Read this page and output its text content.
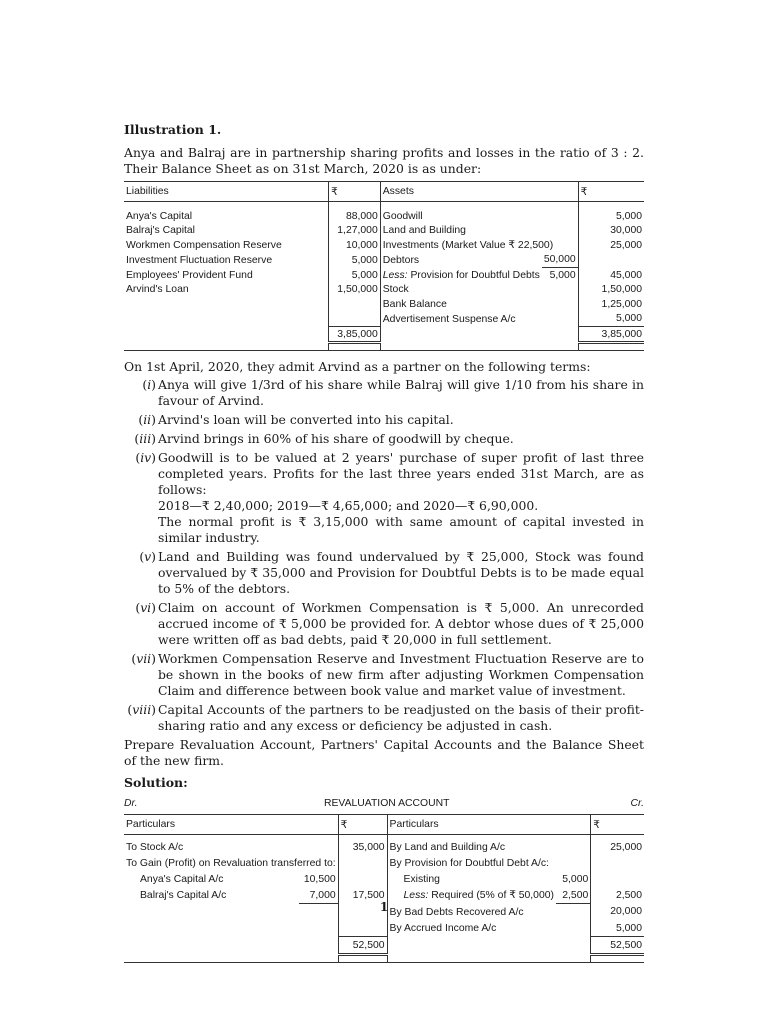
Illustration 1.

Anya and Balraj are in partnership sharing profits and losses in the ratio of 3 : 2. Their Balance Sheet as on 31st March, 2020 is as under:

Liabilities	₹	Assets		₹
Anya's Capital	88,000	Goodwill		5,000
Balraj's Capital	1,27,000	Land and Building		30,000
Workmen Compensation Reserve	10,000	Investments (Market Value ₹ 22,500)		25,000
Investment Fluctuation Reserve	5,000	Debtors	50,000	
Employees' Provident Fund	5,000	Less: Provision for Doubtful Debts	5,000	45,000
Arvind's Loan	1,50,000	Stock		1,50,000
		Bank Balance		1,25,000
		Advertisement Suspense A/c		5,000
	3,85,000			3,85,000

On 1st April, 2020, they admit Arvind as a partner on the following terms:

(i) Anya will give 1/3rd of his share while Balraj will give 1/10 from his share in favour of Arvind.
(ii) Arvind's loan will be converted into his capital.
(iii) Arvind brings in 60% of his share of goodwill by cheque.
(iv) Goodwill is to be valued at 2 years' purchase of super profit of last three completed years. Profits for the last three years ended 31st March, are as follows:
2018—₹ 2,40,000; 2019—₹ 4,65,000; and 2020—₹ 6,90,000.
The normal profit is ₹ 3,15,000 with same amount of capital invested in similar industry.
(v) Land and Building was found undervalued by ₹ 25,000, Stock was found overvalued by ₹ 35,000 and Provision for Doubtful Debts is to be made equal to 5% of the debtors.
(vi) Claim on account of Workmen Compensation is ₹ 5,000. An unrecorded accrued income of ₹ 5,000 be provided for. A debtor whose dues of ₹ 25,000 were written off as bad debts, paid ₹ 20,000 in full settlement.
(vii) Workmen Compensation Reserve and Investment Fluctuation Reserve are to be shown in the books of new firm after adjusting Workmen Compensation Claim and difference between book value and market value of investment.
(viii) Capital Accounts of the partners to be readjusted on the basis of their profit-sharing ratio and any excess or deficiency be adjusted in cash.

Prepare Revaluation Account, Partners' Capital Accounts and the Balance Sheet of the new firm.

Solution:
Dr.	REVALUATION ACCOUNT	Cr.
Particulars		₹	Particulars		₹
To Stock A/c		35,000	By Land and Building A/c		25,000
To Gain (Profit) on Revaluation transferred to:			By Provision for Doubtful Debt A/c:		
Anya's Capital A/c	10,500		Existing	5,000	
Balraj's Capital A/c	7,000	17,500	Less: Required (5% of ₹ 50,000)	2,500	2,500
			By Bad Debts Recovered A/c		20,000
			By Accrued Income A/c		5,000
		52,500			52,500

1
